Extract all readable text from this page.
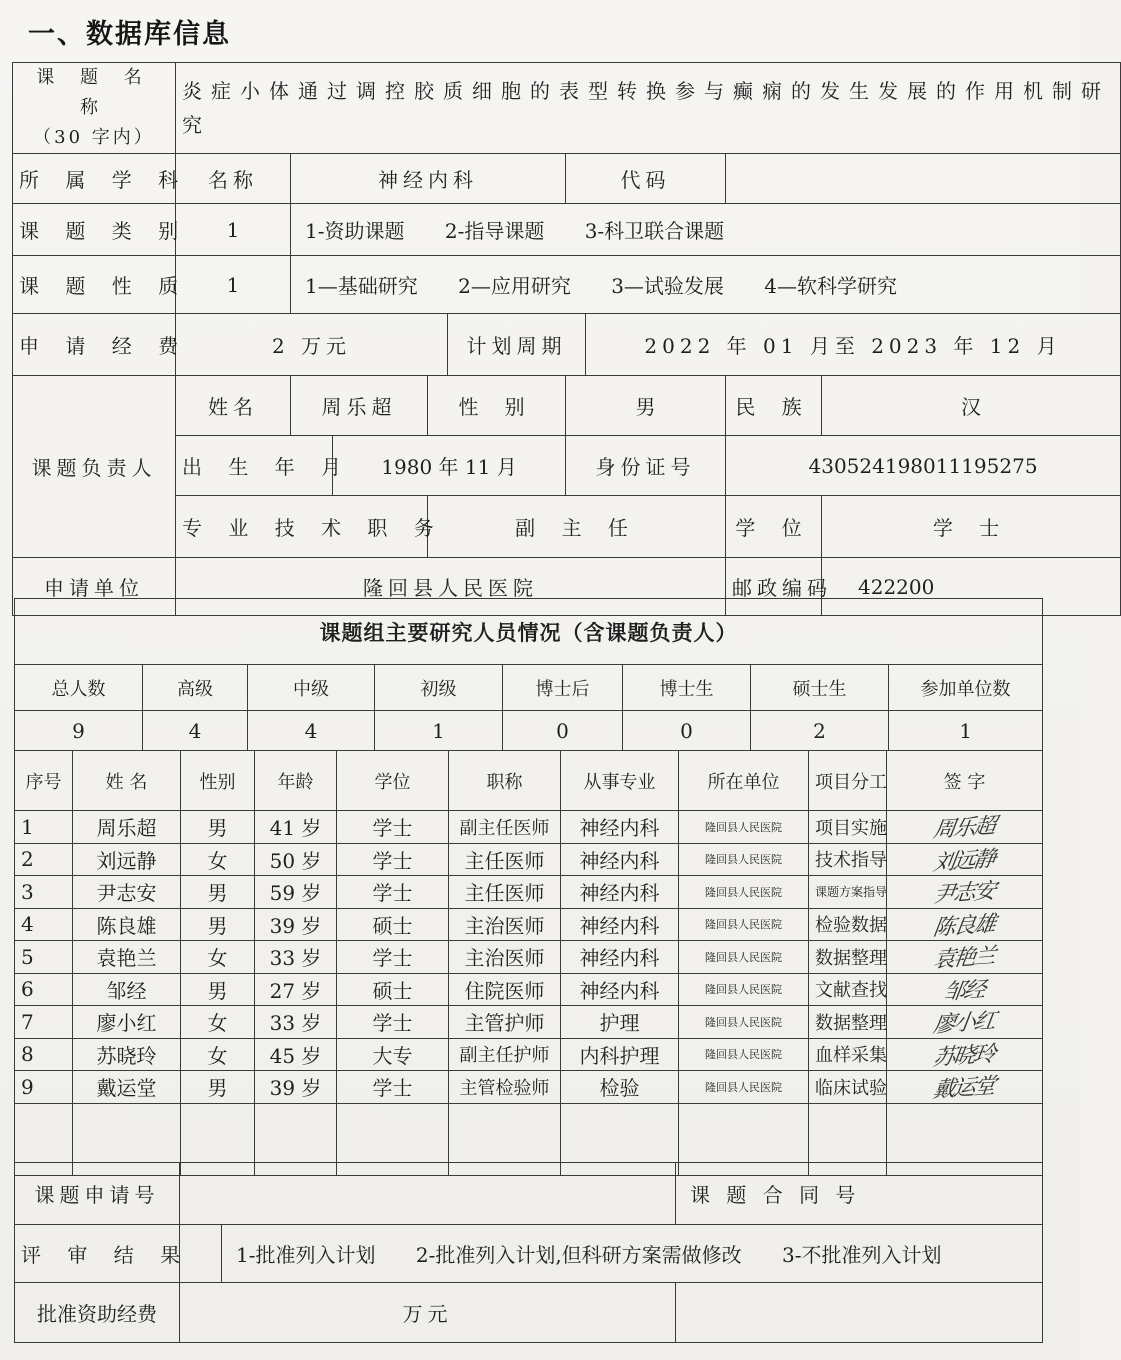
一、数据库信息
课 题 名 称
（30 字内）	炎症小体通过调控胶质细胞的表型转换参与癫痫的发生发展的作用机制研究								
所 属 学 科	名称	神经内科				代码			
课 题 类 别	1	1-资助课题 2-指导课题 3-科卫联合课题							
课 题 性 质	1	1—基础研究 2—应用研究 3—试验发展 4—软科学研究							
申 请 经 费	2 万元				计划周期		2022 年 01 月至 2023 年 12 月		
课题负责人	姓名	周乐超		性 别		男		民 族	汉
	出 生 年 月		1980 年 11 月			身份证号		430524198011195275	
	专 业 技 术 职 务			副 主 任				学 位	学 士
申请单位	隆回县人民医院							邮政编码	422200
课题组主要研究人员情况（含课题负责人）							
总人数	高级	中级	初级	博士后	博士生	硕士生	参加单位数
9	4	4	1	0	0	2	1
序号	姓 名	性别	年龄	学位	职称	从事专业	所在单位	项目分工	签 字
1	周乐超	男	41 岁	学士	副主任医师	神经内科	隆回县人民医院	项目实施	周乐超
2	刘远静	女	50 岁	学士	主任医师	神经内科	隆回县人民医院	技术指导	刘远静
3	尹志安	男	59 岁	学士	主任医师	神经内科	隆回县人民医院	课题方案指导	尹志安
4	陈良雄	男	39 岁	硕士	主治医师	神经内科	隆回县人民医院	检验数据	陈良雄
5	袁艳兰	女	33 岁	学士	主治医师	神经内科	隆回县人民医院	数据整理	袁艳兰
6	邹经	男	27 岁	硕士	住院医师	神经内科	隆回县人民医院	文献查找	邹经
7	廖小红	女	33 岁	学士	主管护师	护理	隆回县人民医院	数据整理	廖小红
8	苏晓玲	女	45 岁	大专	副主任护师	内科护理	隆回县人民医院	血样采集	苏晓玲
9	戴运堂	男	39 岁	学士	主管检验师	检验	隆回县人民医院	临床试验	戴运堂

课题申请号			课 题 合 同 号
评 审 结 果		1-批准列入计划 2-批准列入计划,但科研方案需做修改 3-不批准列入计划	
批准资助经费	万元		
